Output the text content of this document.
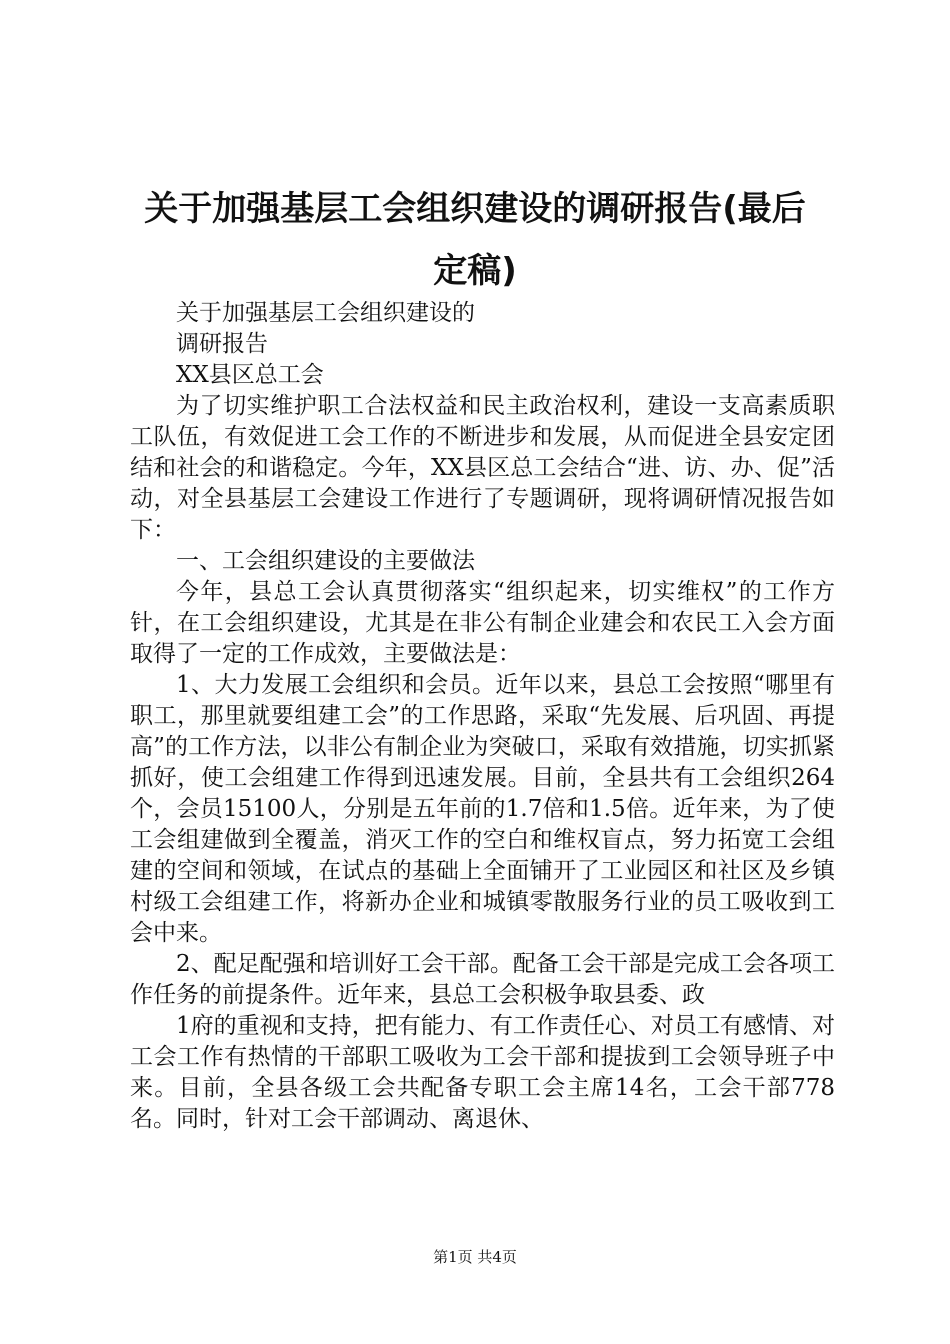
关于加强基层工会组织建设的调研报告(最后
定稿)

关于加强基层工会组织建设的

调研报告

XX县区总工会

为了切实维护职工合法权益和民主政治权利，建设一支高素质职工队伍，有效促进工会工作的不断进步和发展，从而促进全县安定团结和社会的和谐稳定。今年，XX县区总工会结合“进、访、办、促”活动，对全县基层工会建设工作进行了专题调研，现将调研情况报告如下：

一、工会组织建设的主要做法

今年，县总工会认真贯彻落实“组织起来，切实维权”的工作方针，在工会组织建设，尤其是在非公有制企业建会和农民工入会方面取得了一定的工作成效，主要做法是：

1、大力发展工会组织和会员。近年以来，县总工会按照“哪里有职工，那里就要组建工会”的工作思路，采取“先发展、后巩固、再提高”的工作方法，以非公有制企业为突破口，采取有效措施，切实抓紧抓好，使工会组建工作得到迅速发展。目前，全县共有工会组织264个，会员15100人，分别是五年前的1.7倍和1.5倍。近年来，为了使工会组建做到全覆盖，消灭工作的空白和维权盲点，努力拓宽工会组建的空间和领域，在试点的基础上全面铺开了工业园区和社区及乡镇村级工会组建工作，将新办企业和城镇零散服务行业的员工吸收到工会中来。

2、配足配强和培训好工会干部。配备工会干部是完成工会各项工作任务的前提条件。近年来，县总工会积极争取县委、政

1府的重视和支持，把有能力、有工作责任心、对员工有感情、对工会工作有热情的干部职工吸收为工会干部和提拔到工会领导班子中来。目前，全县各级工会共配备专职工会主席14名，工会干部778名。同时，针对工会干部调动、离退休、

第1页 共4页
